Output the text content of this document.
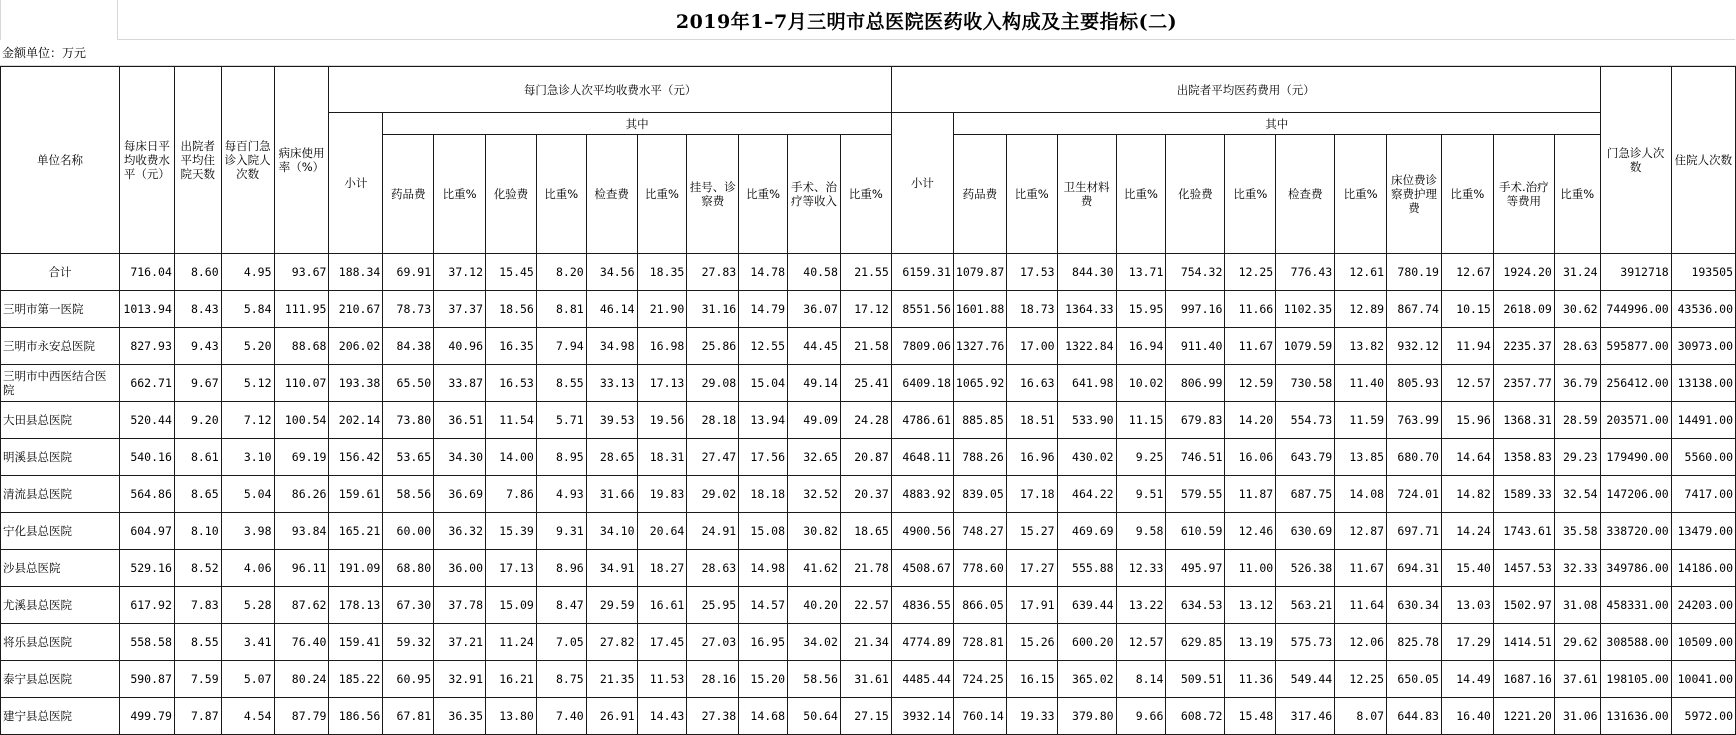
2019年1–7月三明市总医院医药收入构成及主要指标(二)
金额单位：万元
单位名称	每床日平均收费水平（元）	出院者平均住院天数	每百门急诊入院人次数	病床使用率（%）	每门急诊人次平均收费水平（元）											出院者平均医药费用（元）													门急诊人次数	住院人次数
					小计	其中										小计	其中													
						药品费	比重%	化验费	比重%	检查费	比重%	挂号、诊察费	比重%	手术、治疗等收入	比重%		药品费	比重%	卫生材料费	比重%	化验费	比重%	检查费	比重%	床位费诊察费护理费	比重%	手术.治疗等费用	比重%		
合计	716.04	8.60	4.95	93.67	188.34	69.91	37.12	15.45	8.20	34.56	18.35	27.83	14.78	40.58	21.55	6159.31	1079.87	17.53	844.30	13.71	754.32	12.25	776.43	12.61	780.19	12.67	1924.20	31.24	3912718	193505
三明市第一医院	1013.94	8.43	5.84	111.95	210.67	78.73	37.37	18.56	8.81	46.14	21.90	31.16	14.79	36.07	17.12	8551.56	1601.88	18.73	1364.33	15.95	997.16	11.66	1102.35	12.89	867.74	10.15	2618.09	30.62	744996.00	43536.00
三明市永安总医院	827.93	9.43	5.20	88.68	206.02	84.38	40.96	16.35	7.94	34.98	16.98	25.86	12.55	44.45	21.58	7809.06	1327.76	17.00	1322.84	16.94	911.40	11.67	1079.59	13.82	932.12	11.94	2235.37	28.63	595877.00	30973.00
三明市中西医结合医院	662.71	9.67	5.12	110.07	193.38	65.50	33.87	16.53	8.55	33.13	17.13	29.08	15.04	49.14	25.41	6409.18	1065.92	16.63	641.98	10.02	806.99	12.59	730.58	11.40	805.93	12.57	2357.77	36.79	256412.00	13138.00
大田县总医院	520.44	9.20	7.12	100.54	202.14	73.80	36.51	11.54	5.71	39.53	19.56	28.18	13.94	49.09	24.28	4786.61	885.85	18.51	533.90	11.15	679.83	14.20	554.73	11.59	763.99	15.96	1368.31	28.59	203571.00	14491.00
明溪县总医院	540.16	8.61	3.10	69.19	156.42	53.65	34.30	14.00	8.95	28.65	18.31	27.47	17.56	32.65	20.87	4648.11	788.26	16.96	430.02	9.25	746.51	16.06	643.79	13.85	680.70	14.64	1358.83	29.23	179490.00	5560.00
清流县总医院	564.86	8.65	5.04	86.26	159.61	58.56	36.69	7.86	4.93	31.66	19.83	29.02	18.18	32.52	20.37	4883.92	839.05	17.18	464.22	9.51	579.55	11.87	687.75	14.08	724.01	14.82	1589.33	32.54	147206.00	7417.00
宁化县总医院	604.97	8.10	3.98	93.84	165.21	60.00	36.32	15.39	9.31	34.10	20.64	24.91	15.08	30.82	18.65	4900.56	748.27	15.27	469.69	9.58	610.59	12.46	630.69	12.87	697.71	14.24	1743.61	35.58	338720.00	13479.00
沙县总医院	529.16	8.52	4.06	96.11	191.09	68.80	36.00	17.13	8.96	34.91	18.27	28.63	14.98	41.62	21.78	4508.67	778.60	17.27	555.88	12.33	495.97	11.00	526.38	11.67	694.31	15.40	1457.53	32.33	349786.00	14186.00
尤溪县总医院	617.92	7.83	5.28	87.62	178.13	67.30	37.78	15.09	8.47	29.59	16.61	25.95	14.57	40.20	22.57	4836.55	866.05	17.91	639.44	13.22	634.53	13.12	563.21	11.64	630.34	13.03	1502.97	31.08	458331.00	24203.00
将乐县总医院	558.58	8.55	3.41	76.40	159.41	59.32	37.21	11.24	7.05	27.82	17.45	27.03	16.95	34.02	21.34	4774.89	728.81	15.26	600.20	12.57	629.85	13.19	575.73	12.06	825.78	17.29	1414.51	29.62	308588.00	10509.00
泰宁县总医院	590.87	7.59	5.07	80.24	185.22	60.95	32.91	16.21	8.75	21.35	11.53	28.16	15.20	58.56	31.61	4485.44	724.25	16.15	365.02	8.14	509.51	11.36	549.44	12.25	650.05	14.49	1687.16	37.61	198105.00	10041.00
建宁县总医院	499.79	7.87	4.54	87.79	186.56	67.81	36.35	13.80	7.40	26.91	14.43	27.38	14.68	50.64	27.15	3932.14	760.14	19.33	379.80	9.66	608.72	15.48	317.46	8.07	644.83	16.40	1221.20	31.06	131636.00	5972.00
